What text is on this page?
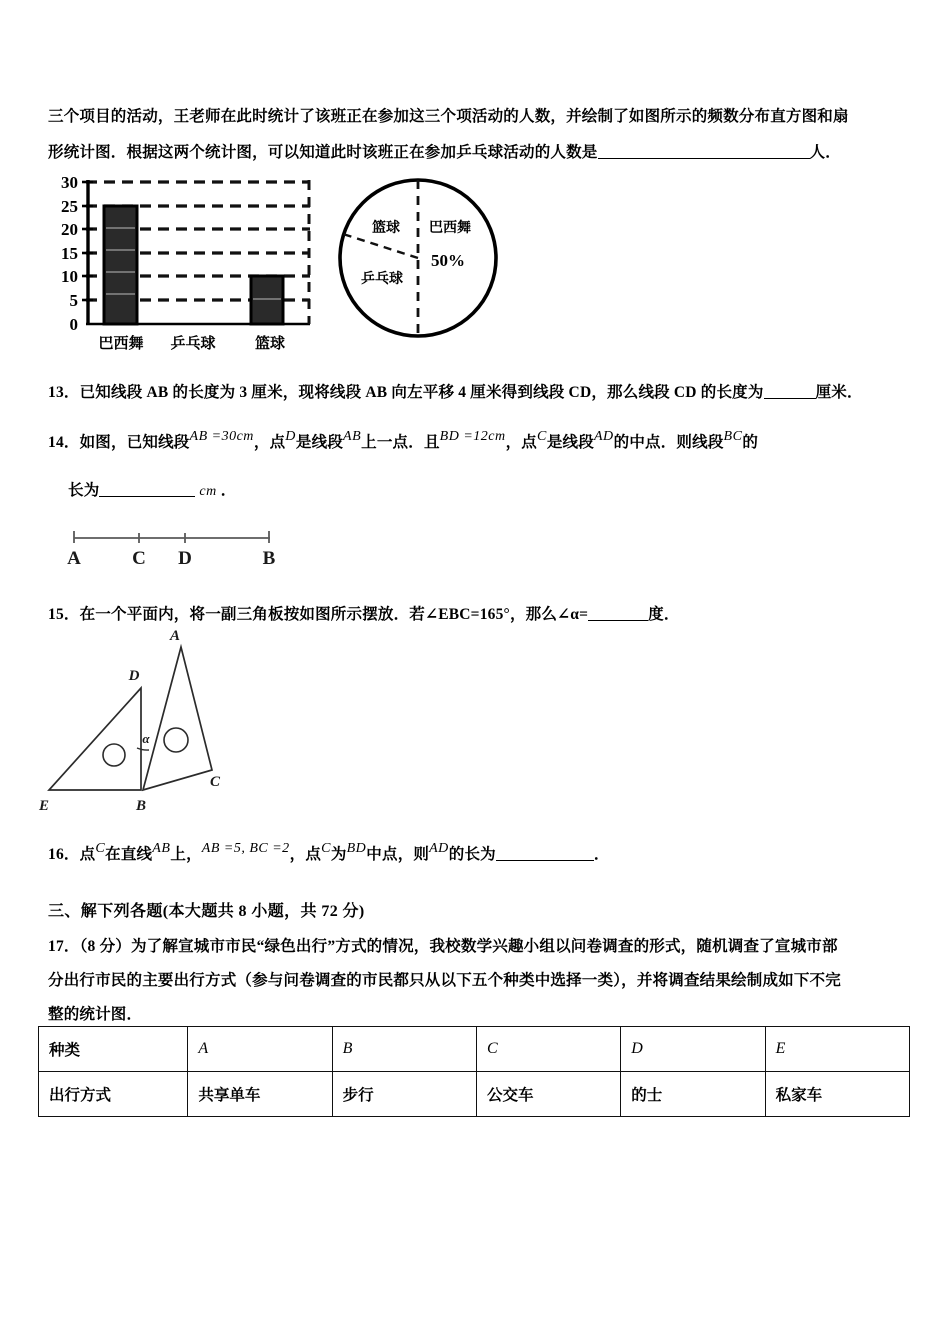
三个项目的活动，王老师在此时统计了该班正在参加这三个项活动的人数，并绘制了如图所示的频数分布直方图和扇
形统计图．根据这两个统计图，可以知道此时该班正在参加乒乓球活动的人数是	人．
30
25
20
15
10
5
0
巴西舞 乒乓球	篮球
篮球 巴西舞
乒乓球
50%
13．已知线段 AB 的长度为 3 厘米，现将线段 AB 向左平移 4 厘米得到线段 CD，那么线段 CD 的长度为	厘米．
14．如图，已知线段AB =30cm，点D是线段AB上一点．且BD =12cm，点C是线段AD的中点．则线段BC的
长为	cm ．
A	C D	B
15．在一个平面内，将一副三角板按如图所示摆放．若∠EBC=165°，那么∠α=	度．
A
D
C
E	B
α
16．点C在直线AB上，AB =5, BC =2，点C为BD中点，则AD的长为	．
三、解下列各题(本大题共 8 小题，共 72 分)
17．（8 分）为了解宣城市市民“绿色出行”方式的情况，我校数学兴趣小组以问卷调查的形式，随机调查了宣城市部
分出行市民的主要出行方式（参与问卷调查的市民都只从以下五个种类中选择一类），并将调查结果绘制成如下不完
整的统计图．
种类	A	B	C	D	E
出行方式	共享单车	步行	公交车	的士	私家车
